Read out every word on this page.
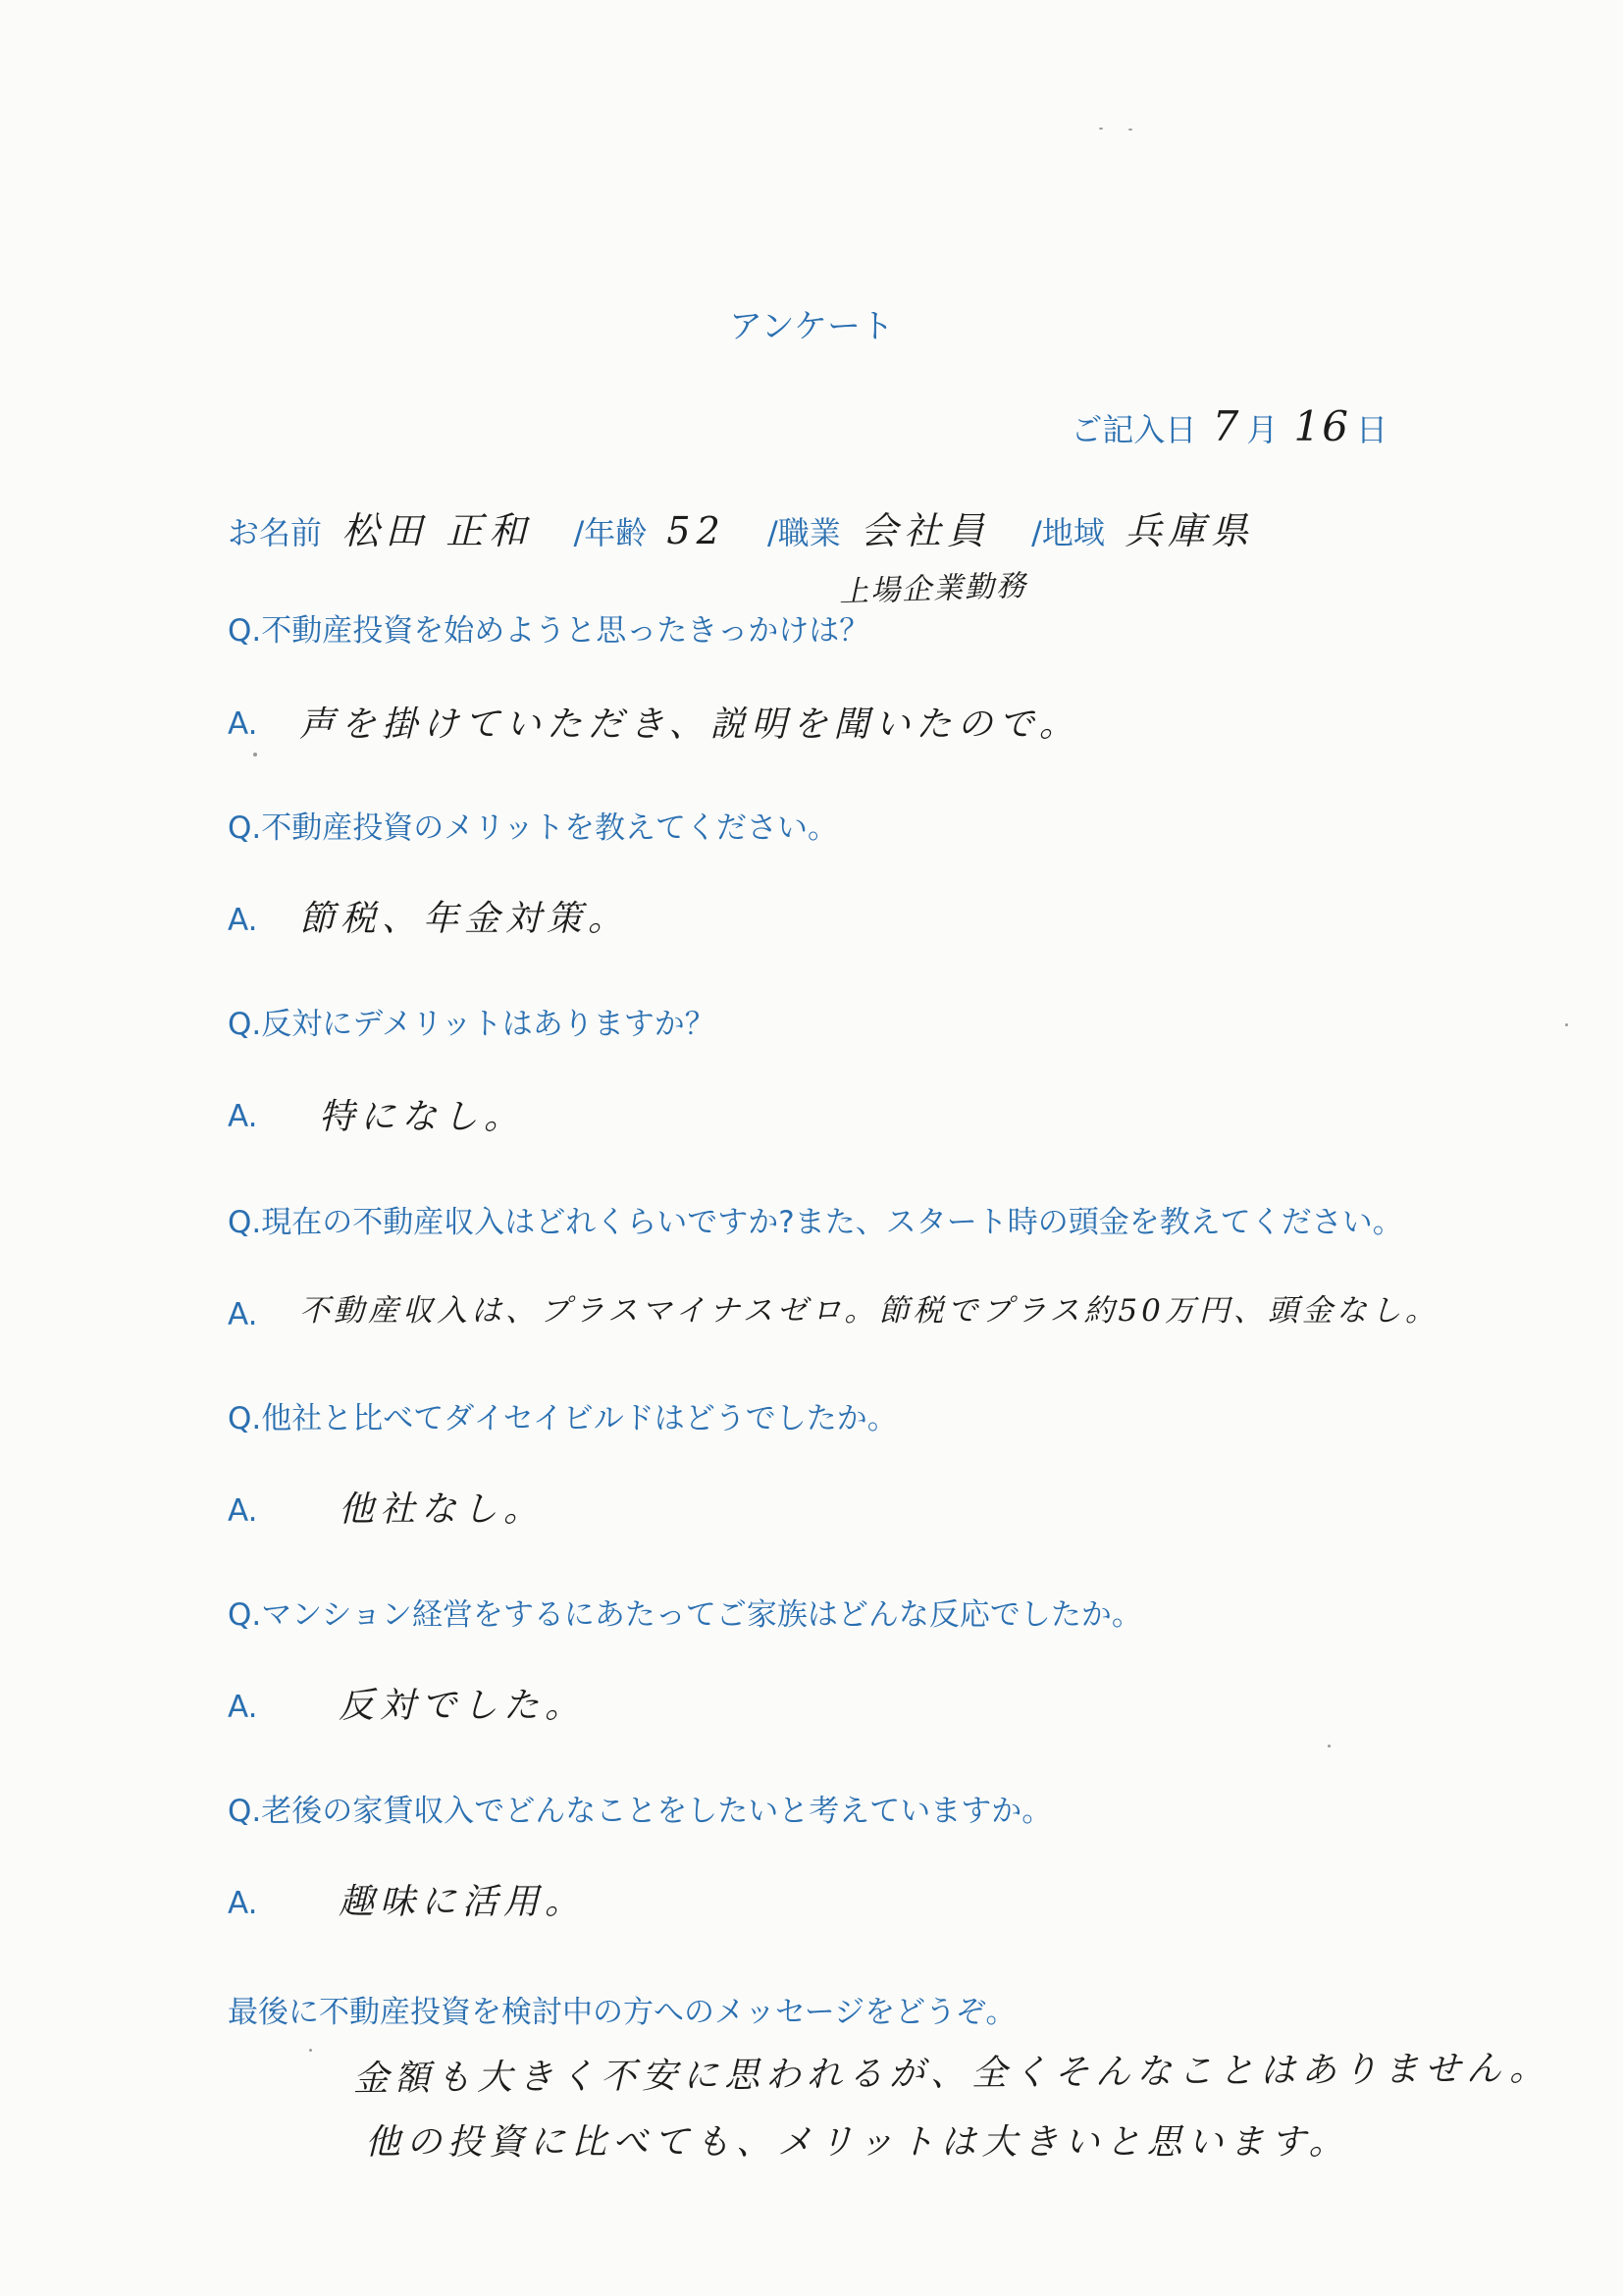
アンケート
ご記入日 7 月 16 日
お名前 松田 正和 /年齢 52 /職業 会社員 /地域 兵庫県
上場企業勤務
Q.不動産投資を始めようと思ったきっかけは？
A. 声を掛けていただき、説明を聞いたので。
Q.不動産投資のメリットを教えてください。
A. 節税、年金対策。
Q.反対にデメリットはありますか？
A. 特になし。
Q.現在の不動産収入はどれくらいですか?また、スタート時の頭金を教えてください。
A. 不動産収入は、プラスマイナスゼロ。節税でプラス約50万円、頭金なし。
Q.他社と比べてダイセイビルドはどうでしたか。
A. 他社なし。
Q.マンション経営をするにあたってご家族はどんな反応でしたか。
A. 反対でした。
Q.老後の家賃収入でどんなことをしたいと考えていますか。
A. 趣味に活用。
最後に不動産投資を検討中の方へのメッセージをどうぞ。
金額も大きく不安に思われるが、全くそんなことはありません。
他の投資に比べても、メリットは大きいと思います。
